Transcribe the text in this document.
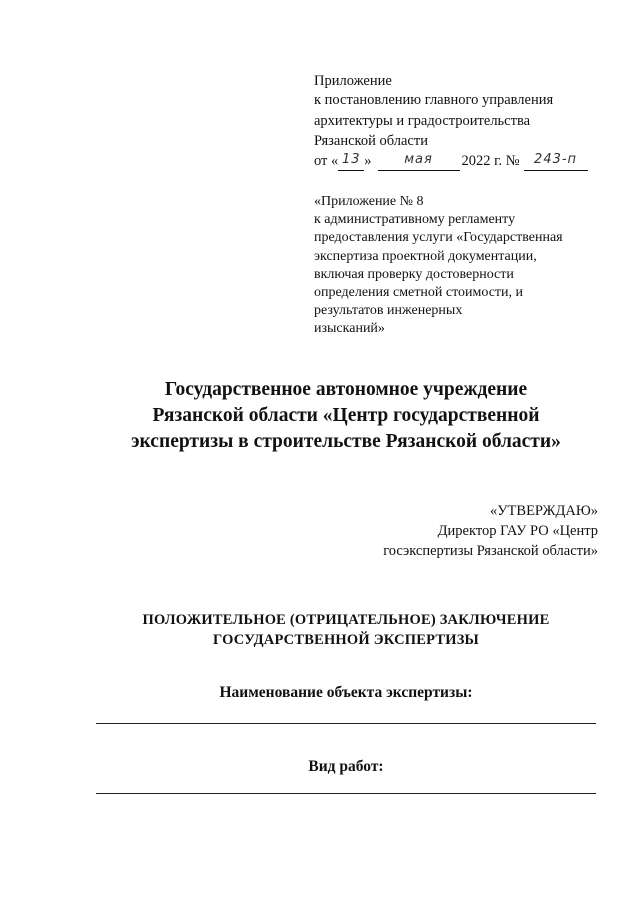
Приложение
к постановлению главного управления
архитектуры и градостроительства
Рязанской области
от « 13 »	мая	2022 г. №	243-п
«Приложение № 8
к административному регламенту
предоставления услуги «Государственная
экспертиза проектной документации,
включая проверку достоверности
определения сметной стоимости, и
результатов инженерных
изысканий»
Государственное автономное учреждение
Рязанской области «Центр государственной
экспертизы в строительстве Рязанской области»
«УТВЕРЖДАЮ»
Директор ГАУ РО «Центр
госэкспертизы Рязанской области»
ПОЛОЖИТЕЛЬНОЕ (ОТРИЦАТЕЛЬНОЕ) ЗАКЛЮЧЕНИЕ
ГОСУДАРСТВЕННОЙ ЭКСПЕРТИЗЫ
Наименование объекта экспертизы:
Вид работ:
